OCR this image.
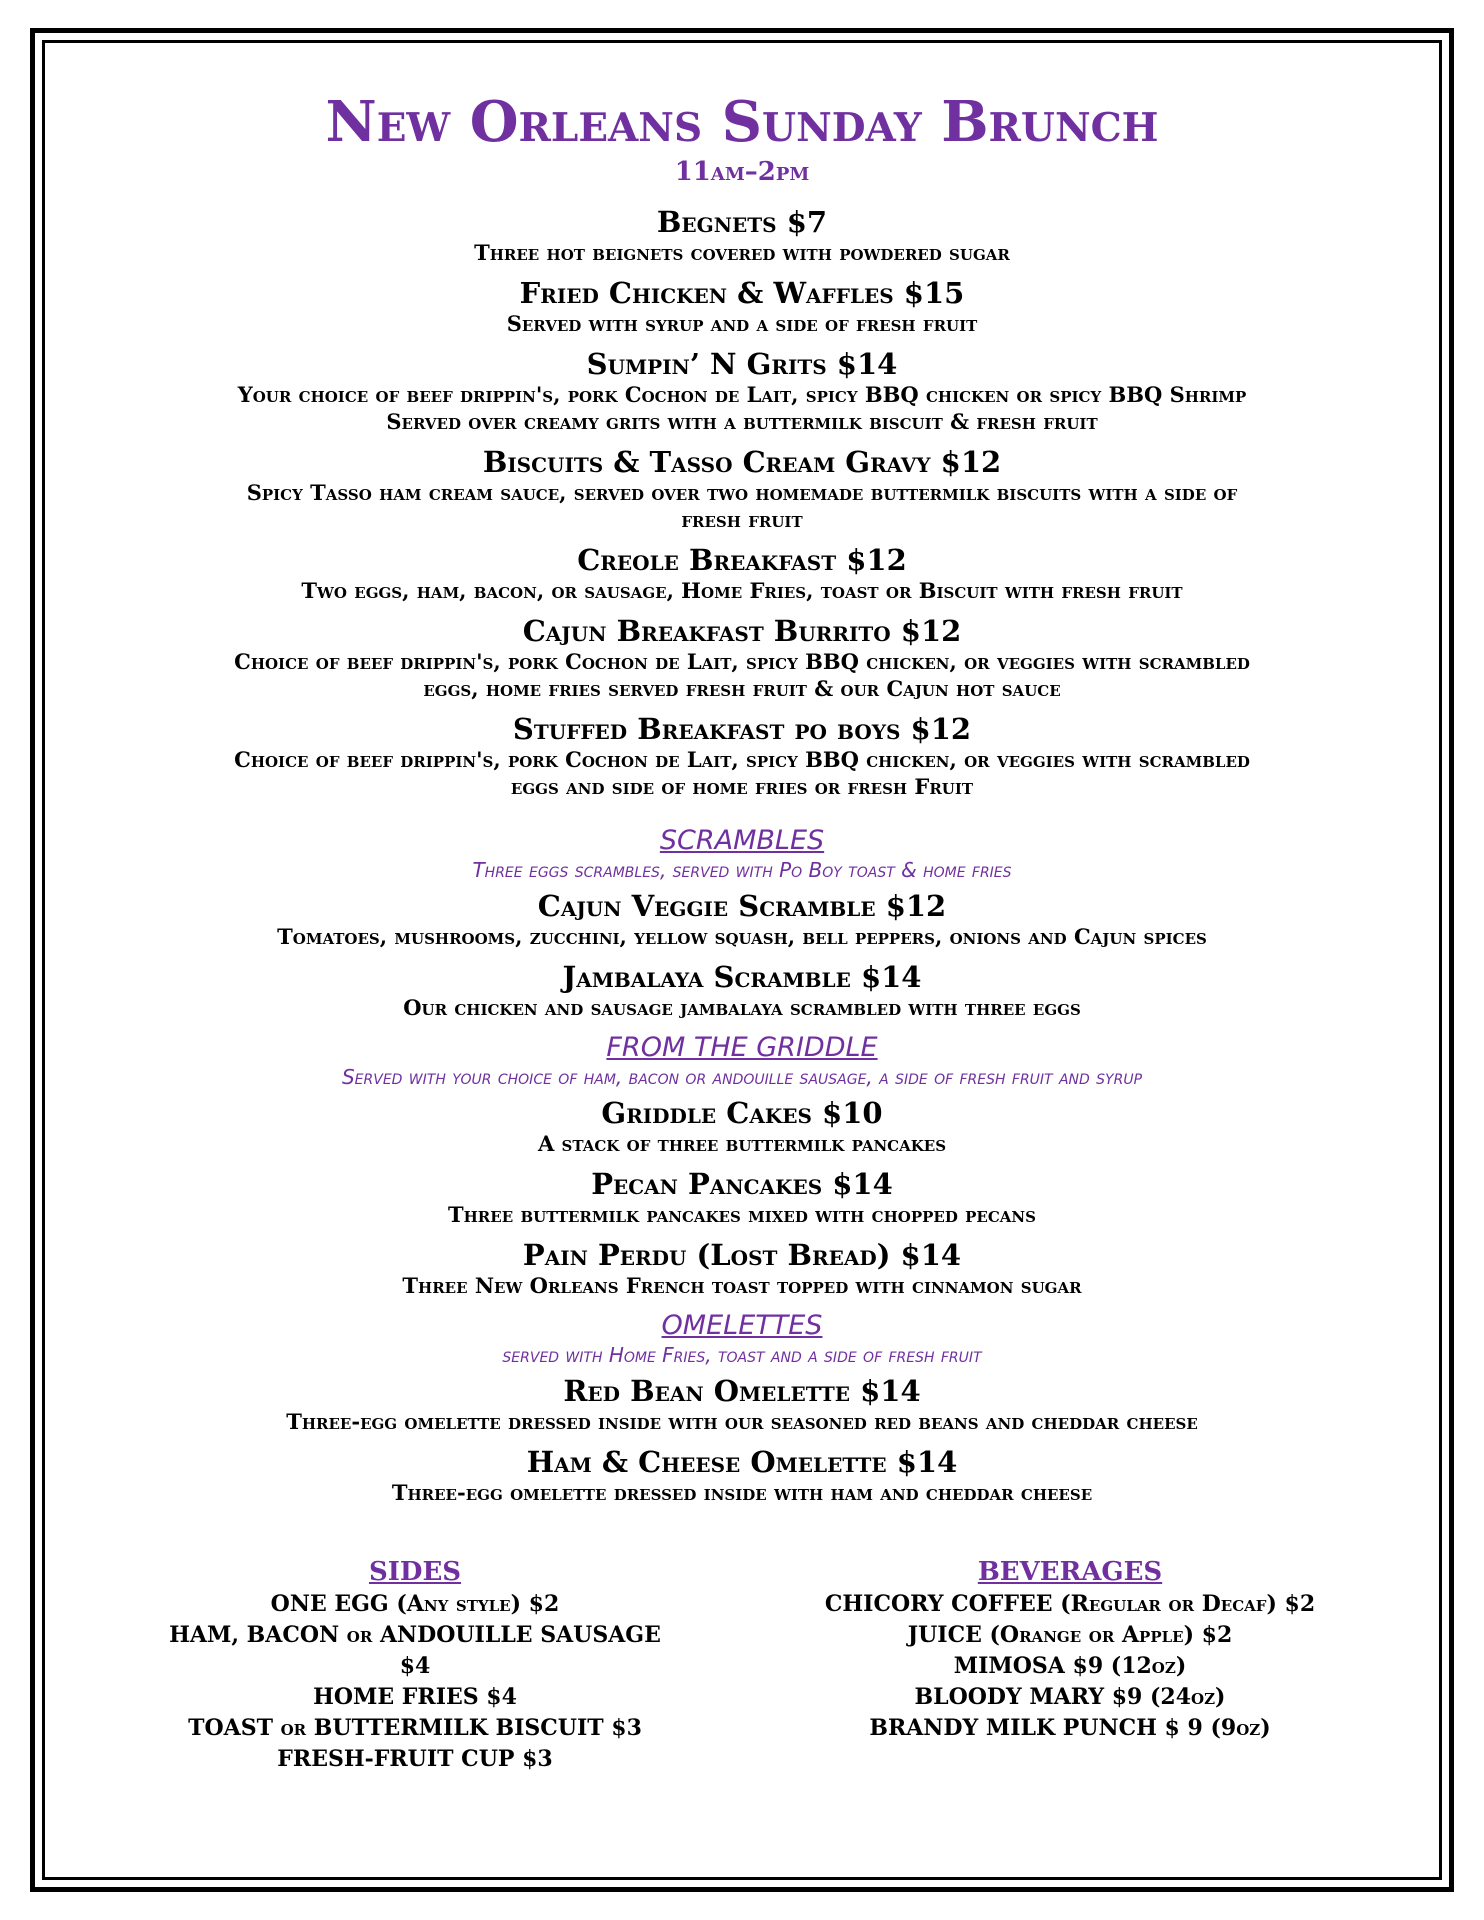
New Orleans Sunday Brunch
11am–2pm
Begnets $7
Three hot beignets covered with powdered sugar
Fried Chicken & Waffles $15
Served with syrup and a side of fresh fruit
Sumpin’ N Grits $14
Your choice of beef drippin's, pork Cochon de Lait, spicy BBQ chicken or spicy BBQ Shrimp
Served over creamy grits with a buttermilk biscuit & fresh fruit
Biscuits & Tasso Cream Gravy $12
Spicy Tasso ham cream sauce, served over two homemade buttermilk biscuits with a side of
fresh fruit
Creole Breakfast $12
Two eggs, ham, bacon, or sausage, Home Fries, toast or Biscuit with fresh fruit
Cajun Breakfast Burrito $12
Choice of beef drippin's, pork Cochon de Lait, spicy BBQ chicken, or veggies with scrambled
eggs, home fries served fresh fruit & our Cajun hot sauce
Stuffed Breakfast po boys $12
Choice of beef drippin's, pork Cochon de Lait, spicy BBQ chicken, or veggies with scrambled
eggs and side of home fries or fresh Fruit
SCRAMBLES
Three eggs scrambles, served with Po Boy toast & home fries
Cajun Veggie Scramble $12
Tomatoes, mushrooms, zucchini, yellow squash, bell peppers, onions and Cajun spices
Jambalaya Scramble $14
Our chicken and sausage jambalaya scrambled with three eggs
FROM THE GRIDDLE
Served with your choice of ham, bacon or andouille sausage, a side of fresh fruit and syrup
Griddle Cakes $10
A stack of three buttermilk pancakes
Pecan Pancakes $14
Three buttermilk pancakes mixed with chopped pecans
Pain Perdu (Lost Bread) $14
Three New Orleans French toast topped with cinnamon sugar
OMELETTES
served with Home Fries, toast and a side of fresh fruit
Red Bean Omelette $14
Three-egg omelette dressed inside with our seasoned red beans and cheddar cheese
Ham & Cheese Omelette $14
Three-egg omelette dressed inside with ham and cheddar cheese
SIDES
ONE EGG (Any style) $2
HAM, BACON or ANDOUILLE SAUSAGE
$4
HOME FRIES $4
TOAST or BUTTERMILK BISCUIT $3
FRESH-FRUIT CUP $3
BEVERAGES
CHICORY COFFEE (Regular or Decaf) $2
JUICE (Orange or Apple) $2
MIMOSA $9 (12oz)
BLOODY MARY $9 (24oz)
BRANDY MILK PUNCH $ 9 (9oz)
